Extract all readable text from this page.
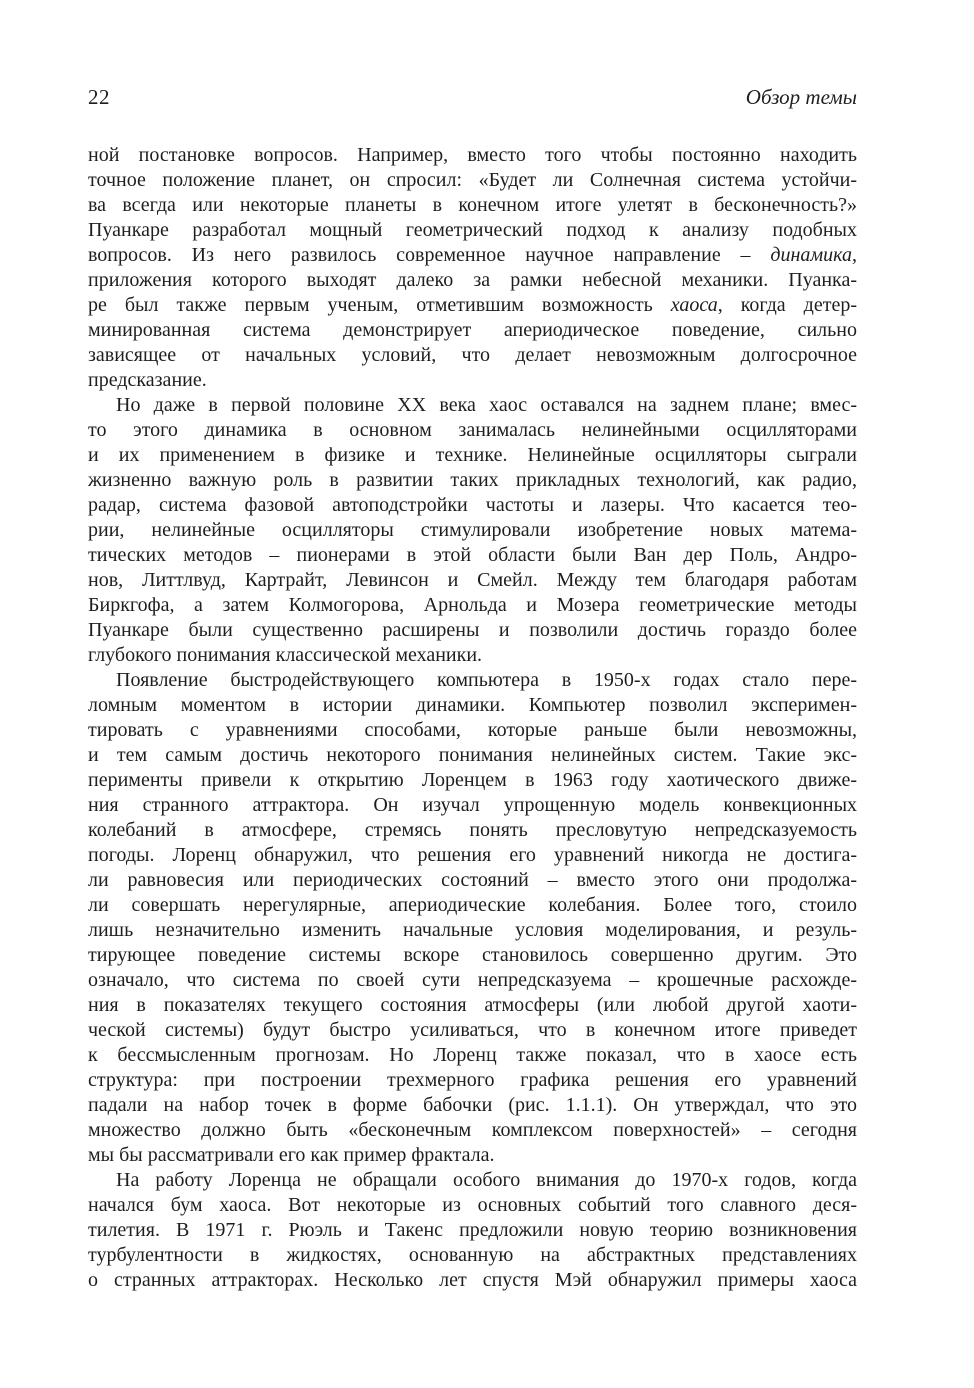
22	Обзор темы
ной постановке вопросов. Например, вместо того чтобы постоянно находить
точное положение планет, он спросил: «Будет ли Солнечная система устойчи-
ва всегда или некоторые планеты в конечном итоге улетят в бесконечность?»
Пуанкаре разработал мощный геометрический подход к анализу подобных
вопросов. Из него развилось современное научное направление – динамика,
приложения которого выходят далеко за рамки небесной механики. Пуанка-
ре был также первым ученым, отметившим возможность хаоса, когда детер-
минированная система демонстрирует апериодическое поведение, сильно
зависящее от начальных условий, что делает невозможным долгосрочное
предсказание.
Но даже в первой половине XX века хаос оставался на заднем плане; вмес-
то этого динамика в основном занималась нелинейными осцилляторами
и их применением в физике и технике. Нелинейные осцилляторы сыграли
жизненно важную роль в развитии таких прикладных технологий, как радио,
радар, система фазовой автоподстройки частоты и лазеры. Что касается тео-
рии, нелинейные осцилляторы стимулировали изобретение новых матема-
тических методов – пионерами в этой области были Ван дер Поль, Андро-
нов, Литтлвуд, Картрайт, Левинсон и Смейл. Между тем благодаря работам
Биркгофа, а затем Колмогорова, Арнольда и Мозера геометрические методы
Пуанкаре были существенно расширены и позволили достичь гораздо более
глубокого понимания классической механики.
Появление быстродействующего компьютера в 1950-х годах стало пере-
ломным моментом в истории динамики. Компьютер позволил эксперимен-
тировать с уравнениями способами, которые раньше были невозможны,
и тем самым достичь некоторого понимания нелинейных систем. Такие экс-
перименты привели к открытию Лоренцем в 1963 году хаотического движе-
ния странного аттрактора. Он изучал упрощенную модель конвекционных
колебаний в атмосфере, стремясь понять пресловутую непредсказуемость
погоды. Лоренц обнаружил, что решения его уравнений никогда не достига-
ли равновесия или периодических состояний – вместо этого они продолжа-
ли совершать нерегулярные, апериодические колебания. Более того, стоило
лишь незначительно изменить начальные условия моделирования, и резуль-
тирующее поведение системы вскоре становилось совершенно другим. Это
означало, что система по своей сути непредсказуема – крошечные расхожде-
ния в показателях текущего состояния атмосферы (или любой другой хаоти-
ческой системы) будут быстро усиливаться, что в конечном итоге приведет
к бессмысленным прогнозам. Но Лоренц также показал, что в хаосе есть
структура: при построении трехмерного графика решения его уравнений
падали на набор точек в форме бабочки (рис. 1.1.1). Он утверждал, что это
множество должно быть «бесконечным комплексом поверхностей» – сегодня
мы бы рассматривали его как пример фрактала.
На работу Лоренца не обращали особого внимания до 1970-х годов, когда
начался бум хаоса. Вот некоторые из основных событий того славного деся-
тилетия. В 1971 г. Рюэль и Такенс предложили новую теорию возникновения
турбулентности в жидкостях, основанную на абстрактных представлениях
о странных аттракторах. Несколько лет спустя Мэй обнаружил примеры хаоса
